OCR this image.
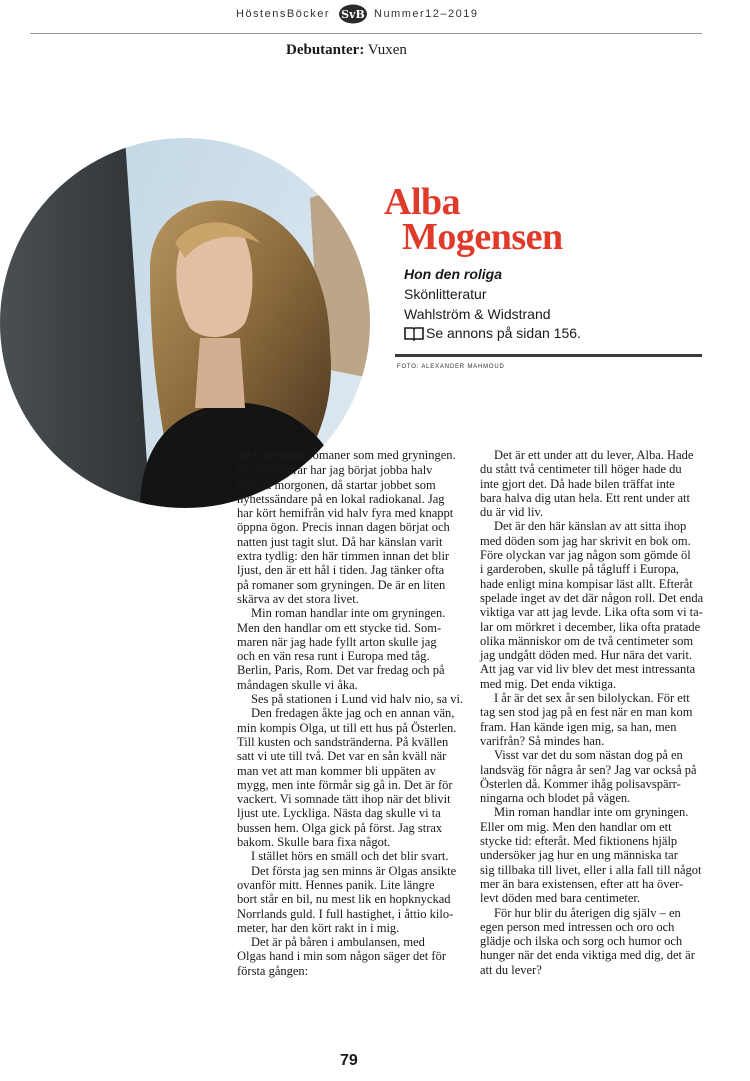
HöstensBöcker SvB Nummer12–2019
Debutanter: Vuxen
Alba
Mogensen
Hon den roliga
Skönlitteratur
Wahlström & Widstrand
Se annons på sidan 156.
FOTO: ALEXANDER MAHMOUD

DET ÄR MED romaner som med gryningen.
En del somrar har jag börjat jobba halv
fem på morgonen, då startar jobbet som
nyhetssändare på en lokal radiokanal. Jag
har kört hemifrån vid halv fyra med knappt
öppna ögon. Precis innan dagen börjat och
natten just tagit slut. Då har känslan varit
extra tydlig: den här timmen innan det blir
ljust, den är ett hål i tiden. Jag tänker ofta
på romaner som gryningen. De är en liten
skärva av det stora livet.

Min roman handlar inte om gryningen.
Men den handlar om ett stycke tid. Som-
maren när jag hade fyllt arton skulle jag
och en vän resa runt i Europa med tåg.
Berlin, Paris, Rom. Det var fredag och på
måndagen skulle vi åka.

Ses på stationen i Lund vid halv nio, sa vi.

Den fredagen åkte jag och en annan vän,
min kompis Olga, ut till ett hus på Österlen.
Till kusten och sandstränderna. På kvällen
satt vi ute till två. Det var en sån kväll när
man vet att man kommer bli uppäten av
mygg, men inte förmår sig gå in. Det är för
vackert. Vi somnade tätt ihop när det blivit
ljust ute. Lyckliga. Nästa dag skulle vi ta
bussen hem. Olga gick på först. Jag strax
bakom. Skulle bara fixa något.

I stället hörs en smäll och det blir svart.

Det första jag sen minns är Olgas ansikte
ovanför mitt. Hennes panik. Lite längre
bort står en bil, nu mest lik en hopknyckad
Norrlands guld. I full hastighet, i åttio kilo-
meter, har den kört rakt in i mig.

Det är på båren i ambulansen, med
Olgas hand i min som någon säger det för
första gången:

Det är ett under att du lever, Alba. Hade
du stått två centimeter till höger hade du
inte gjort det. Då hade bilen träffat inte
bara halva dig utan hela. Ett rent under att
du är vid liv.

Det är den här känslan av att sitta ihop
med döden som jag har skrivit en bok om.
Före olyckan var jag någon som gömde öl
i garderoben, skulle på tågluff i Europa,
hade enligt mina kompisar läst allt. Efteråt
spelade inget av det där någon roll. Det enda
viktiga var att jag levde. Lika ofta som vi ta-
lar om mörkret i december, lika ofta pratade
olika människor om de två centimeter som
jag undgått döden med. Hur nära det varit.
Att jag var vid liv blev det mest intressanta
med mig. Det enda viktiga.

I år är det sex år sen bilolyckan. För ett
tag sen stod jag på en fest när en man kom
fram. Han kände igen mig, sa han, men
varifrån? Så mindes han.

Visst var det du som nästan dog på en
landsväg för några år sen? Jag var också på
Österlen då. Kommer ihåg polisavspärr-
ningarna och blodet på vägen.

Min roman handlar inte om gryningen.
Eller om mig. Men den handlar om ett
stycke tid: efteråt. Med fiktionens hjälp
undersöker jag hur en ung människa tar
sig tillbaka till livet, eller i alla fall till något
mer än bara existensen, efter att ha över-
levt döden med bara centimeter.

För hur blir du återigen dig själv – en
egen person med intressen och oro och
glädje och ilska och sorg och humor och
hunger när det enda viktiga med dig, det är
att du lever?

79
